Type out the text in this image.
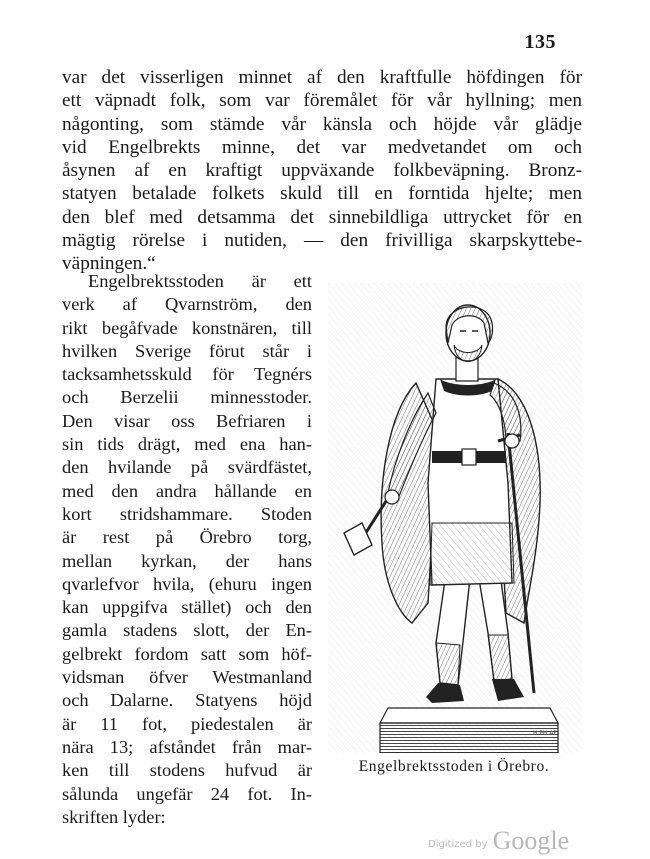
135
var det visserligen minnet af den kraftfulle höfdingen för
ett väpnadt folk, som var föremålet för vår hyllning; men
någonting, som stämde vår känsla och höjde vår glädje
vid Engelbrekts minne, det var medvetandet om och
åsynen af en kraftigt uppväxande folkbeväpning. Bronz-
statyen betalade folkets skuld till en forntida hjelte; men
den blef med detsamma det sinnebildliga uttrycket för en
mägtig rörelse i nutiden, — den frivilliga skarpskyttebe-
väpningen.“
Engelbrektsstoden är ett
verk af Qvarnström, den
rikt begåfvade konstnären, till
hvilken Sverige förut står i
tacksamhetsskuld för Tegnérs
och Berzelii minnesstoder.
Den visar oss Befriaren i
sin tids drägt, med ena han-
den hvilande på svärdfästet,
med den andra hållande en
kort stridshammare. Stoden
är rest på Örebro torg,
mellan kyrkan, der hans
qvarlefvor hvila, (ehuru ingen
kan uppgifva stället) och den
gamla stadens slott, der En-
gelbrekt fordom satt som höf-
vidsman öfver Westmanland
och Dalarne. Statyens höjd
är 11 fot, piedestalen är
nära 13; afståndet från mar-
ken till stodens hufvud är
sålunda ungefär 24 fot. In-
skriften lyder:
H.PH.AF
Engelbrektsstoden i Örebro.
Digitized by Google
